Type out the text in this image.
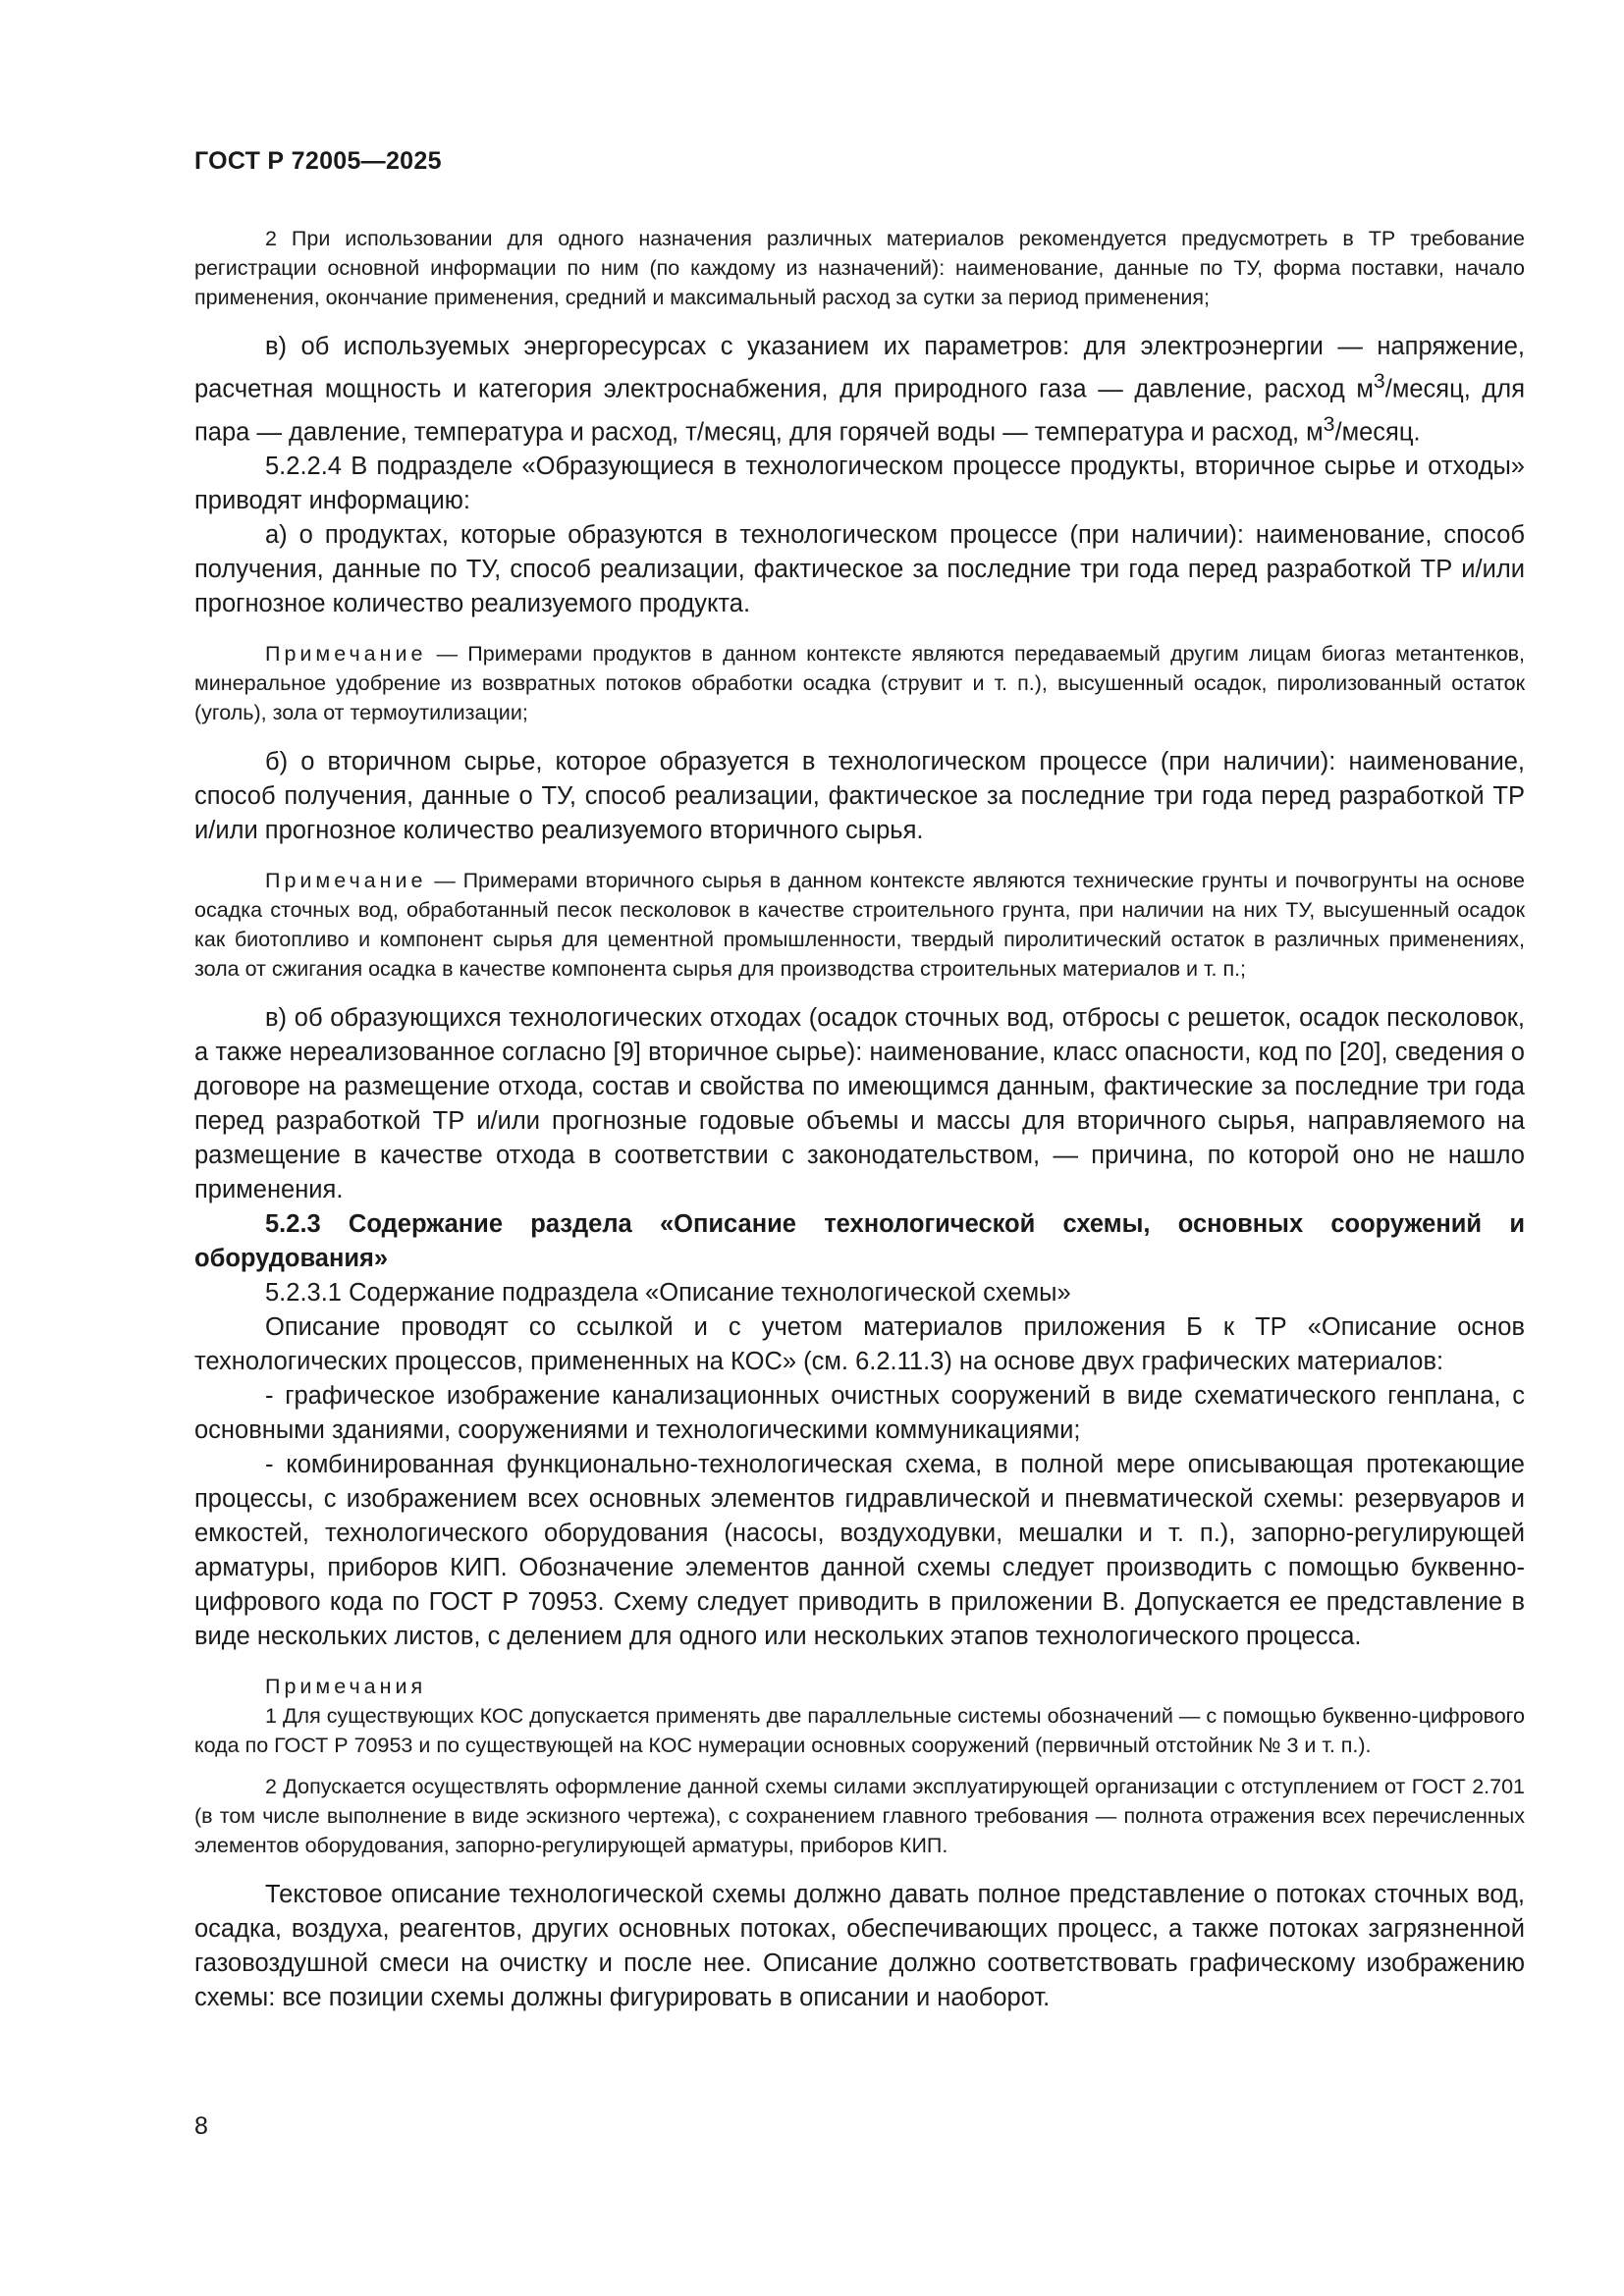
ГОСТ Р 72005—2025

2 При использовании для одного назначения различных материалов рекомендуется предусмотреть в ТР требование регистрации основной информации по ним (по каждому из назначений): наименование, данные по ТУ, форма поставки, начало применения, окончание применения, средний и максимальный расход за сутки за период применения;

в) об используемых энергоресурсах с указанием их параметров: для электроэнергии — напряжение, расчетная мощность и категория электроснабжения, для природного газа — давление, расход $м^3$/месяц, для пара — давление, температура и расход, т/месяц, для горячей воды — температура и расход, $м^3$/месяц.

5.2.2.4 В подразделе «Образующиеся в технологическом процессе продукты, вторичное сырье и отходы» приводят информацию:

а) о продуктах, которые образуются в технологическом процессе (при наличии): наименование, способ получения, данные по ТУ, способ реализации, фактическое за последние три года перед разработкой ТР и/или прогнозное количество реализуемого продукта.

Примечание — Примерами продуктов в данном контексте являются передаваемый другим лицам биогаз метантенков, минеральное удобрение из возвратных потоков обработки осадка (струвит и т. п.), высушенный осадок, пиролизованный остаток (уголь), зола от термоутилизации;

б) о вторичном сырье, которое образуется в технологическом процессе (при наличии): наименование, способ получения, данные о ТУ, способ реализации, фактическое за последние три года перед разработкой ТР и/или прогнозное количество реализуемого вторичного сырья.

Примечание — Примерами вторичного сырья в данном контексте являются технические грунты и почвогрунты на основе осадка сточных вод, обработанный песок песколовок в качестве строительного грунта, при наличии на них ТУ, высушенный осадок как биотопливо и компонент сырья для цементной промышленности, твердый пиролитический остаток в различных применениях, зола от сжигания осадка в качестве компонента сырья для производства строительных материалов и т. п.;

в) об образующихся технологических отходах (осадок сточных вод, отбросы с решеток, осадок песколовок, а также нереализованное согласно [9] вторичное сырье): наименование, класс опасности, код по [20], сведения о договоре на размещение отхода, состав и свойства по имеющимся данным, фактические за последние три года перед разработкой ТР и/или прогнозные годовые объемы и массы для вторичного сырья, направляемого на размещение в качестве отхода в соответствии с законодательством, — причина, по которой оно не нашло применения.

5.2.3 Содержание раздела «Описание технологической схемы, основных сооружений и оборудования»

5.2.3.1 Содержание подраздела «Описание технологической схемы»

Описание проводят со ссылкой и с учетом материалов приложения Б к ТР «Описание основ технологических процессов, примененных на КОС» (см. 6.2.11.3) на основе двух графических материалов:

- графическое изображение канализационных очистных сооружений в виде схематического генплана, с основными зданиями, сооружениями и технологическими коммуникациями;

- комбинированная функционально-технологическая схема, в полной мере описывающая протекающие процессы, с изображением всех основных элементов гидравлической и пневматической схемы: резервуаров и емкостей, технологического оборудования (насосы, воздуходувки, мешалки и т. п.), запорно-регулирующей арматуры, приборов КИП. Обозначение элементов данной схемы следует производить с помощью буквенно-цифрового кода по ГОСТ Р 70953. Схему следует приводить в приложении В. Допускается ее представление в виде нескольких листов, с делением для одного или нескольких этапов технологического процесса.

Примечания

1 Для существующих КОС допускается применять две параллельные системы обозначений — с помощью буквенно-цифрового кода по ГОСТ Р 70953 и по существующей на КОС нумерации основных сооружений (первичный отстойник № 3 и т. п.).

2 Допускается осуществлять оформление данной схемы силами эксплуатирующей организации с отступлением от ГОСТ 2.701 (в том числе выполнение в виде эскизного чертежа), с сохранением главного требования — полнота отражения всех перечисленных элементов оборудования, запорно-регулирующей арматуры, приборов КИП.

Текстовое описание технологической схемы должно давать полное представление о потоках сточных вод, осадка, воздуха, реагентов, других основных потоках, обеспечивающих процесс, а также потоках загрязненной газовоздушной смеси на очистку и после нее. Описание должно соответствовать графическому изображению схемы: все позиции схемы должны фигурировать в описании и наоборот.

8
